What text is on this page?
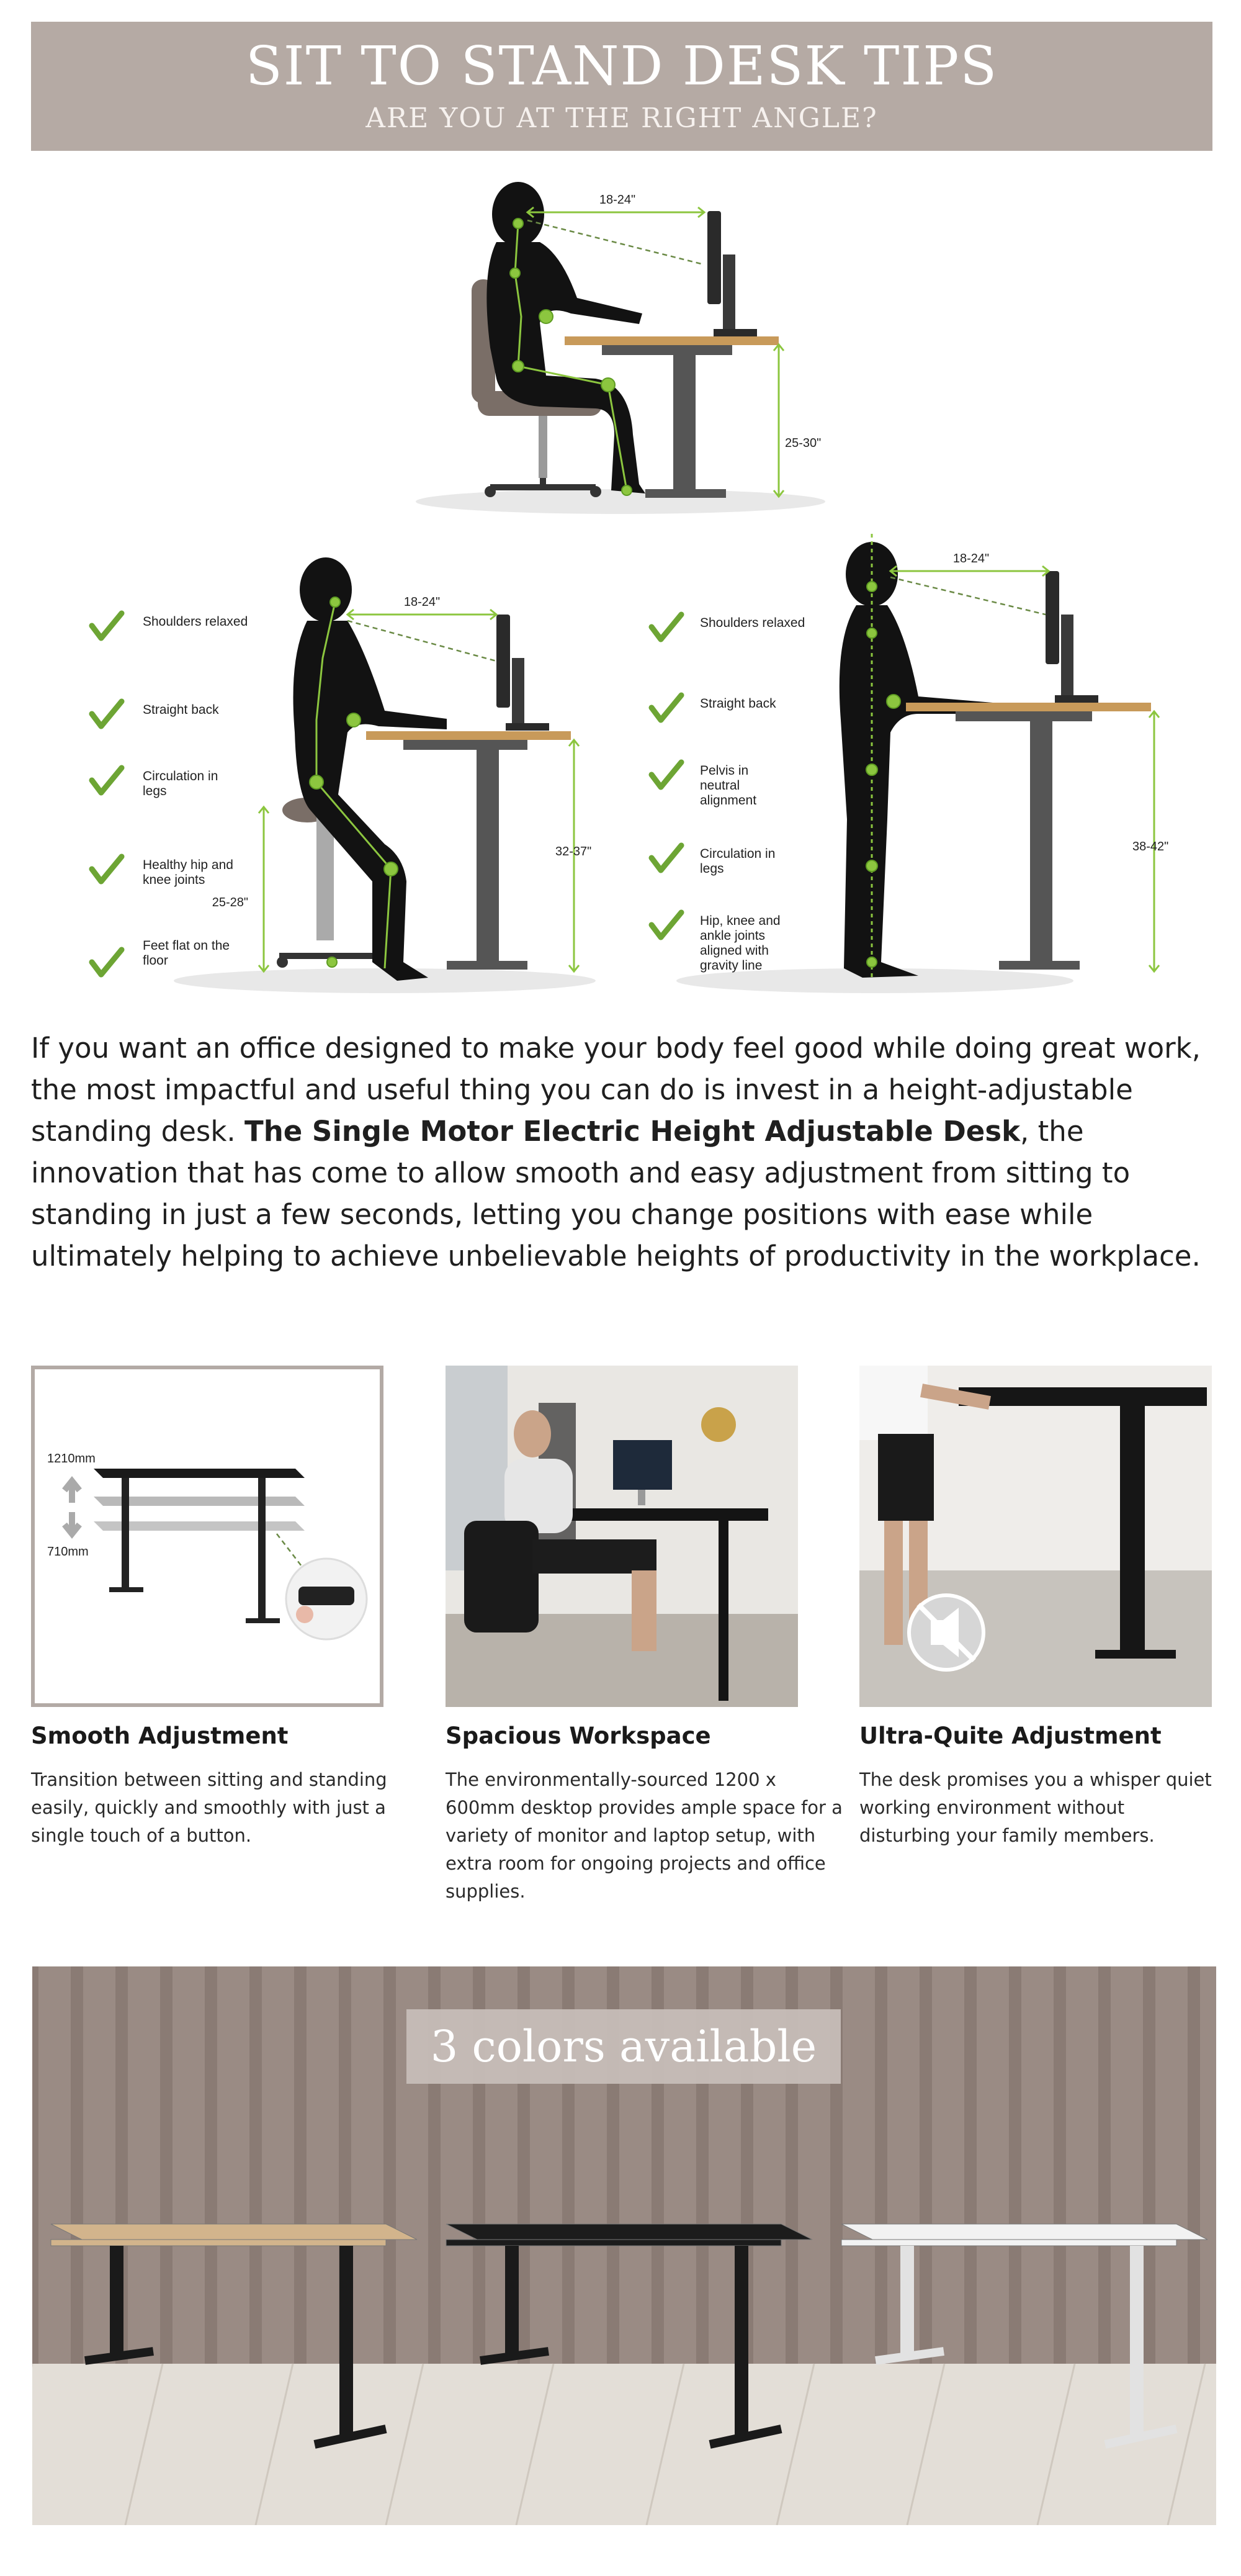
SIT TO STAND DESK TIPS
ARE YOU AT THE RIGHT ANGLE?
18-24"
25-30"
Shoulders relaxed
Straight back
Circulation in legs
Healthy hip and knee joints
Feet flat on the floor
18-24"
32-37"
25-28"
Shoulders relaxed
Straight back
Pelvis in neutral alignment
Circulation in legs
Hip, knee and ankle joints aligned with gravity line
18-24"
38-42"

If you want an office designed to make your body feel good while doing great work, the most impactful and useful thing you can do is invest in a height-adjustable standing desk. The Single Motor Electric Height Adjustable Desk, the innovation that has come to allow smooth and easy adjustment from sitting to standing in just a few seconds, letting you change positions with ease while ultimately helping to achieve unbelievable heights of productivity in the workplace.

1210mm
710mm
Smooth Adjustment
Transition between sitting and standing easily, quickly and smoothly with just a single touch of a button.
Spacious Workspace
The environmentally-sourced 1200 x 600mm desktop provides ample space for a variety of monitor and laptop setup, with extra room for ongoing projects and office supplies.
Ultra-Quite Adjustment
The desk promises you a whisper quiet working environment without disturbing your family members.
3 colors available
